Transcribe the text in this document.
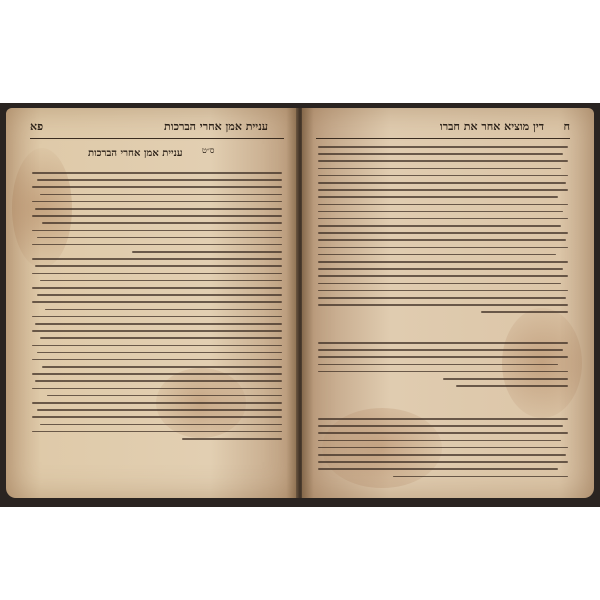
פא	עניית אמן אחרי הברכות
ס״ט
עניית אמן אחרי הברכות
ח
דין מוציא אחר את חברו
